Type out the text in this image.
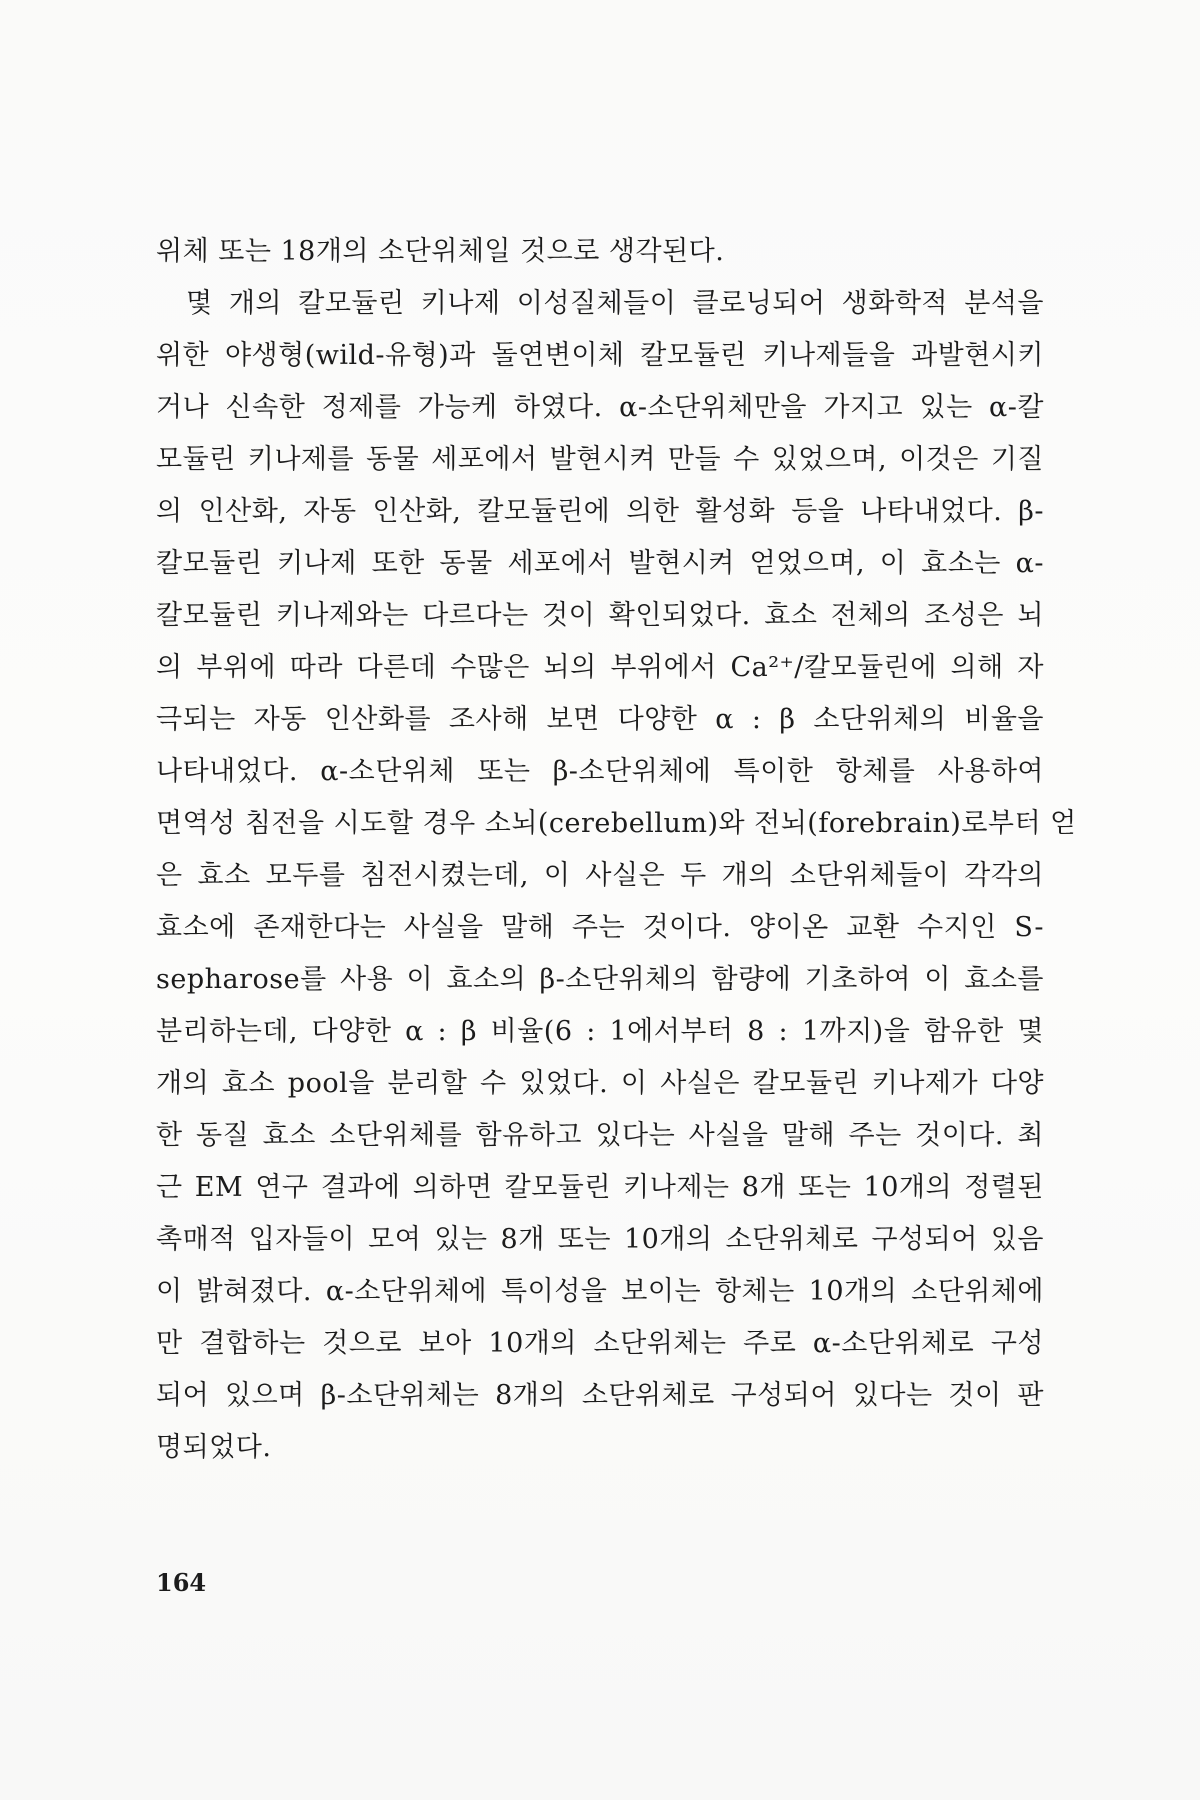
위체 또는 18개의 소단위체일 것으로 생각된다.
몇 개의 칼모듈린 키나제 이성질체들이 클로닝되어 생화학적 분석을
위한 야생형(wild-유형)과 돌연변이체 칼모듈린 키나제들을 과발현시키
거나 신속한 정제를 가능케 하였다. α-소단위체만을 가지고 있는 α-칼
모듈린 키나제를 동물 세포에서 발현시켜 만들 수 있었으며, 이것은 기질
의 인산화, 자동 인산화, 칼모듈린에 의한 활성화 등을 나타내었다. β-
칼모듈린 키나제 또한 동물 세포에서 발현시켜 얻었으며, 이 효소는 α-
칼모듈린 키나제와는 다르다는 것이 확인되었다. 효소 전체의 조성은 뇌
의 부위에 따라 다른데 수많은 뇌의 부위에서 Ca²⁺/칼모듈린에 의해 자
극되는 자동 인산화를 조사해 보면 다양한 α : β 소단위체의 비율을
나타내었다. α-소단위체 또는 β-소단위체에 특이한 항체를 사용하여
면역성 침전을 시도할 경우 소뇌(cerebellum)와 전뇌(forebrain)로부터 얻
은 효소 모두를 침전시켰는데, 이 사실은 두 개의 소단위체들이 각각의
효소에 존재한다는 사실을 말해 주는 것이다. 양이온 교환 수지인 S-
sepharose를 사용 이 효소의 β-소단위체의 함량에 기초하여 이 효소를
분리하는데, 다양한 α : β 비율(6 : 1에서부터 8 : 1까지)을 함유한 몇
개의 효소 pool을 분리할 수 있었다. 이 사실은 칼모듈린 키나제가 다양
한 동질 효소 소단위체를 함유하고 있다는 사실을 말해 주는 것이다. 최
근 EM 연구 결과에 의하면 칼모듈린 키나제는 8개 또는 10개의 정렬된
촉매적 입자들이 모여 있는 8개 또는 10개의 소단위체로 구성되어 있음
이 밝혀졌다. α-소단위체에 특이성을 보이는 항체는 10개의 소단위체에
만 결합하는 것으로 보아 10개의 소단위체는 주로 α-소단위체로 구성
되어 있으며 β-소단위체는 8개의 소단위체로 구성되어 있다는 것이 판
명되었다.
164
